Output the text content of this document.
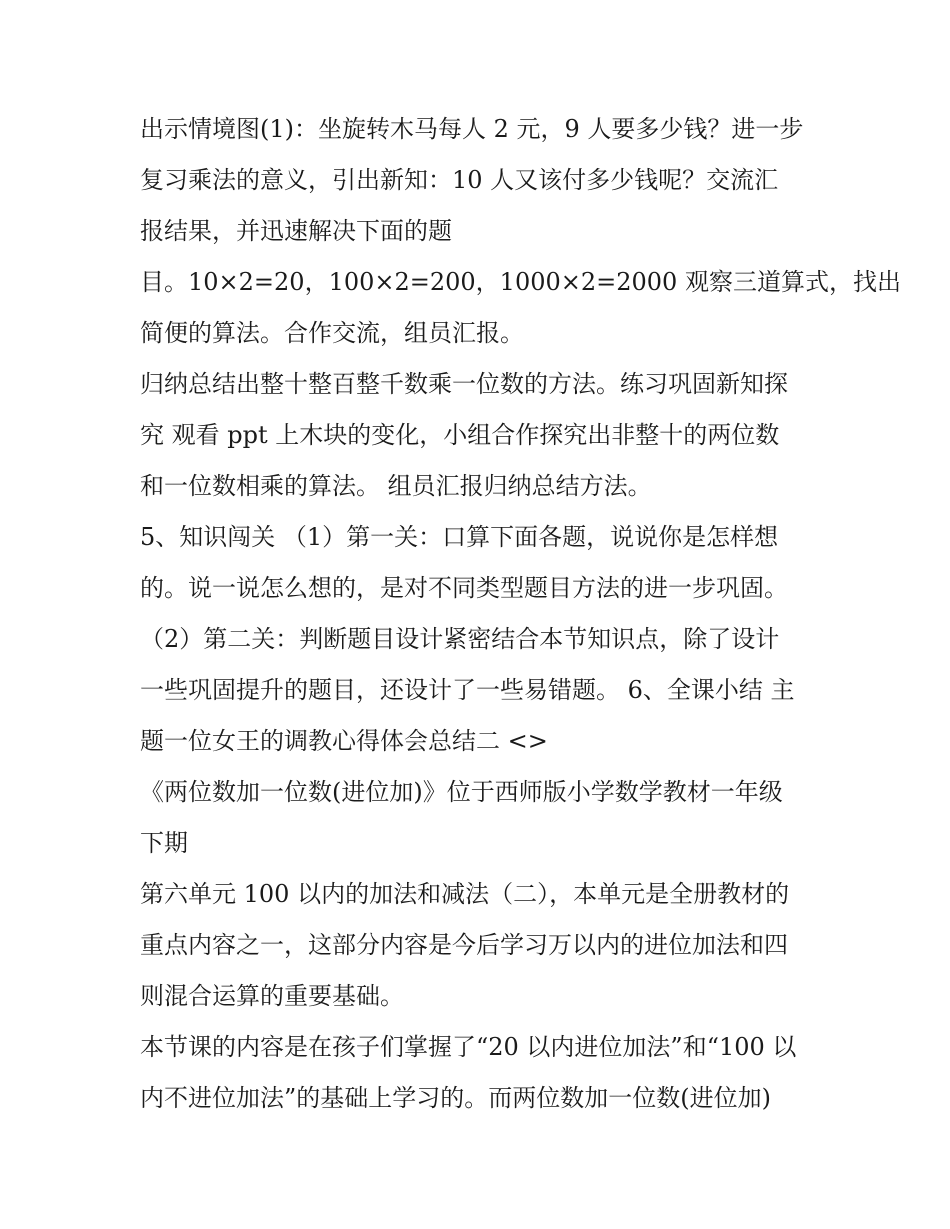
出示情境图(1)：坐旋转木马每人 2 元，9 人要多少钱？进一步
复习乘法的意义，引出新知：10 人又该付多少钱呢？交流汇
报结果，并迅速解决下面的题
目。10×2=20，100×2=200，1000×2=2000 观察三道算式，找出
简便的算法。合作交流，组员汇报。
归纳总结出整十整百整千数乘一位数的方法。练习巩固新知探
究 观看 ppt 上木块的变化，小组合作探究出非整十的两位数
和一位数相乘的算法。 组员汇报归纳总结方法。
5、知识闯关 （1）第一关：口算下面各题，说说你是怎样想
的。说一说怎么想的，是对不同类型题目方法的进一步巩固。
（2）第二关：判断题目设计紧密结合本节知识点，除了设计
一些巩固提升的题目，还设计了一些易错题。 6、全课小结 主
题一位女王的调教心得体会总结二 <>
《两位数加一位数(进位加)》位于西师版小学数学教材一年级
下期
第六单元 100 以内的加法和减法（二），本单元是全册教材的
重点内容之一，这部分内容是今后学习万以内的进位加法和四
则混合运算的重要基础。
本节课的内容是在孩子们掌握了“20 以内进位加法”和“100 以
内不进位加法”的基础上学习的。而两位数加一位数(进位加)
